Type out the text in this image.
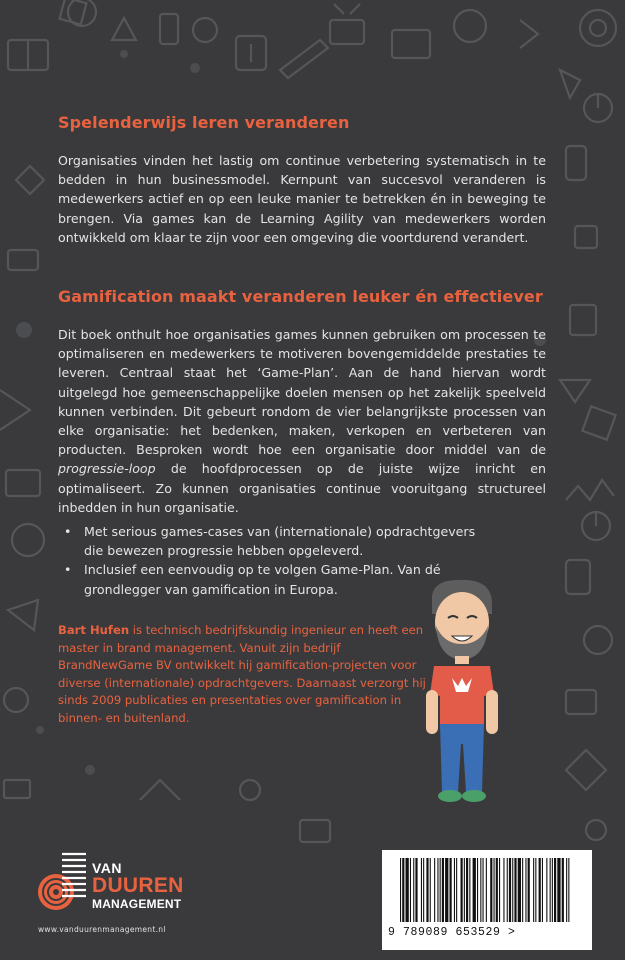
Spelenderwijs leren veranderen

Organisaties vinden het lastig om continue verbetering systematisch in te bedden in hun businessmodel. Kernpunt van succesvol veranderen is medewerkers actief en op een leuke manier te betrekken én in beweging te brengen. Via games kan de Learning Agility van medewerkers worden ontwikkeld om klaar te zijn voor een omgeving die voortdurend verandert.

Gamification maakt veranderen leuker én effectiever

Dit boek onthult hoe organisaties games kunnen gebruiken om processen te optimaliseren en medewerkers te motiveren bovengemiddelde prestaties te leveren. Centraal staat het ‘Game-Plan’. Aan de hand hiervan wordt uitgelegd hoe gemeenschappelijke doelen mensen op het zakelijk speelveld kunnen verbinden. Dit gebeurt rondom de vier belangrijkste processen van elke organisatie: het bedenken, maken, verkopen en verbeteren van producten. Besproken wordt hoe een organisatie door middel van de progressie-loop de hoofdprocessen op de juiste wijze inricht en optimaliseert. Zo kunnen organisaties continue vooruitgang structureel inbedden in hun organisatie.

• Met serious games-cases van (internationale) opdrachtgevers die bewezen progressie hebben opgeleverd.
• Inclusief een eenvoudig op te volgen Game-Plan. Van dé grondlegger van gamification in Europa.

Bart Hufen is technisch bedrijfskundig ingenieur en heeft een master in brand management. Vanuit zijn bedrijf BrandNewGame BV ontwikkelt hij gamification-projecten voor diverse (internationale) opdrachtgevers. Daarnaast verzorgt hij sinds 2009 publicaties en presentaties over gamification in binnen- en buitenland.

VAN
DUUREN
MANAGEMENT
www.vanduurenmanagement.nl	9 789089 653529 >
